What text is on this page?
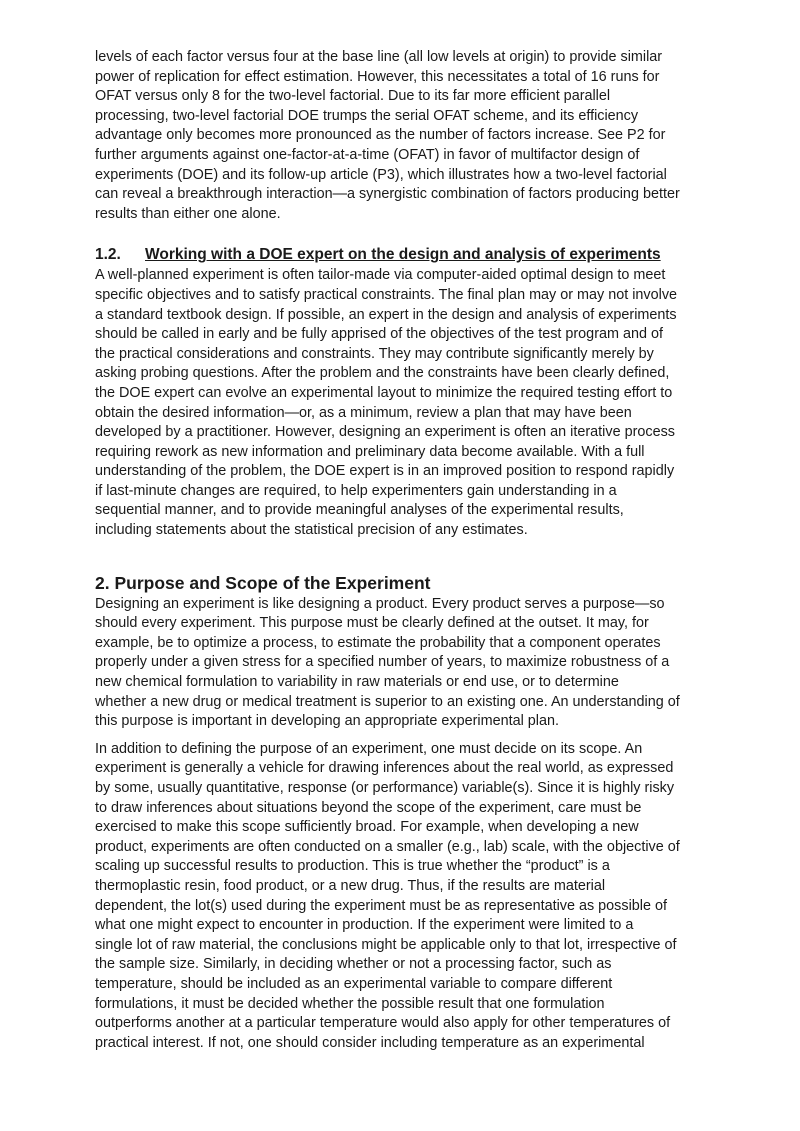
levels of each factor versus four at the base line (all low levels at origin) to provide similar
power of replication for effect estimation. However, this necessitates a total of 16 runs for
OFAT versus only 8 for the two-level factorial. Due to its far more efficient parallel
processing, two-level factorial DOE trumps the serial OFAT scheme, and its efficiency
advantage only becomes more pronounced as the number of factors increase. See P2 for
further arguments against one-factor-at-a-time (OFAT) in favor of multifactor design of
experiments (DOE) and its follow-up article (P3), which illustrates how a two-level factorial
can reveal a breakthrough interaction—a synergistic combination of factors producing better
results than either one alone.

1.2. Working with a DOE expert on the design and analysis of experiments

A well-planned experiment is often tailor-made via computer-aided optimal design to meet
specific objectives and to satisfy practical constraints. The final plan may or may not involve
a standard textbook design. If possible, an expert in the design and analysis of experiments
should be called in early and be fully apprised of the objectives of the test program and of
the practical considerations and constraints. They may contribute significantly merely by
asking probing questions. After the problem and the constraints have been clearly defined,
the DOE expert can evolve an experimental layout to minimize the required testing effort to
obtain the desired information—or, as a minimum, review a plan that may have been
developed by a practitioner. However, designing an experiment is often an iterative process
requiring rework as new information and preliminary data become available. With a full
understanding of the problem, the DOE expert is in an improved position to respond rapidly
if last-minute changes are required, to help experimenters gain understanding in a
sequential manner, and to provide meaningful analyses of the experimental results,
including statements about the statistical precision of any estimates.

2. Purpose and Scope of the Experiment

Designing an experiment is like designing a product. Every product serves a purpose—so
should every experiment. This purpose must be clearly defined at the outset. It may, for
example, be to optimize a process, to estimate the probability that a component operates
properly under a given stress for a specified number of years, to maximize robustness of a
new chemical formulation to variability in raw materials or end use, or to determine
whether a new drug or medical treatment is superior to an existing one. An understanding of
this purpose is important in developing an appropriate experimental plan.

In addition to defining the purpose of an experiment, one must decide on its scope. An
experiment is generally a vehicle for drawing inferences about the real world, as expressed
by some, usually quantitative, response (or performance) variable(s). Since it is highly risky
to draw inferences about situations beyond the scope of the experiment, care must be
exercised to make this scope sufficiently broad. For example, when developing a new
product, experiments are often conducted on a smaller (e.g., lab) scale, with the objective of
scaling up successful results to production. This is true whether the “product” is a
thermoplastic resin, food product, or a new drug. Thus, if the results are material
dependent, the lot(s) used during the experiment must be as representative as possible of
what one might expect to encounter in production. If the experiment were limited to a
single lot of raw material, the conclusions might be applicable only to that lot, irrespective of
the sample size. Similarly, in deciding whether or not a processing factor, such as
temperature, should be included as an experimental variable to compare different
formulations, it must be decided whether the possible result that one formulation
outperforms another at a particular temperature would also apply for other temperatures of
practical interest. If not, one should consider including temperature as an experimental
